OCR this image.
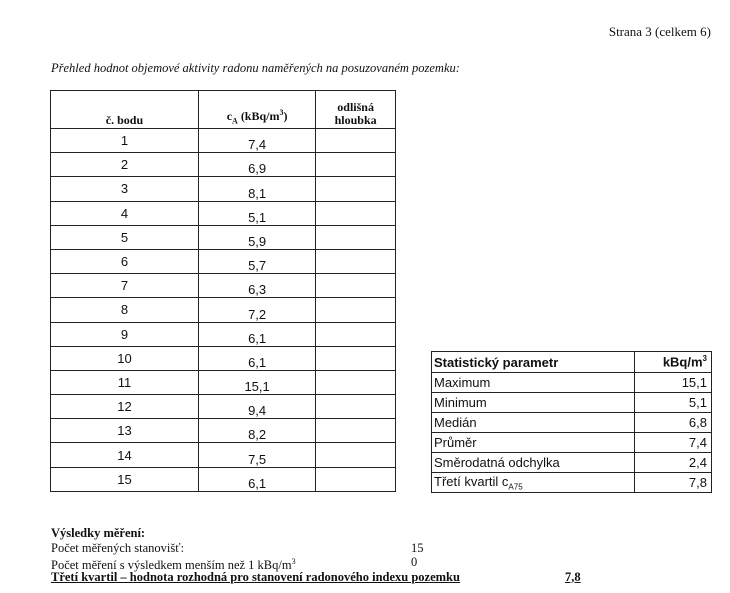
Strana 3 (celkem 6)
Přehled hodnot objemové aktivity radonu naměřených na posuzovaném pozemku:
č. bodu	$c_A$ $(kBq/m^3)$	odlišná
hloubka
1	7,4	
2	6,9	
3	8,1	
4	5,1	
5	5,9	
6	5,7	
7	6,3	
8	7,2	
9	6,1	
10	6,1	
11	15,1	
12	9,4	
13	8,2	
14	7,5	
15	6,1	
Statistický parametr	kBq/$m^3$
Maximum	15,1
Minimum	5,1
Medián	6,8
Průměr	7,4
Směrodatná odchylka	2,4
Třetí kvartil $c_{A75}$	7,8
Výsledky měření:
Počet měřených stanovišť:	15
Počet měření s výsledkem menším než 1 kBq/$m^3$	0
Třetí kvartil – hodnota rozhodná pro stanovení radonového indexu pozemku	7,8
